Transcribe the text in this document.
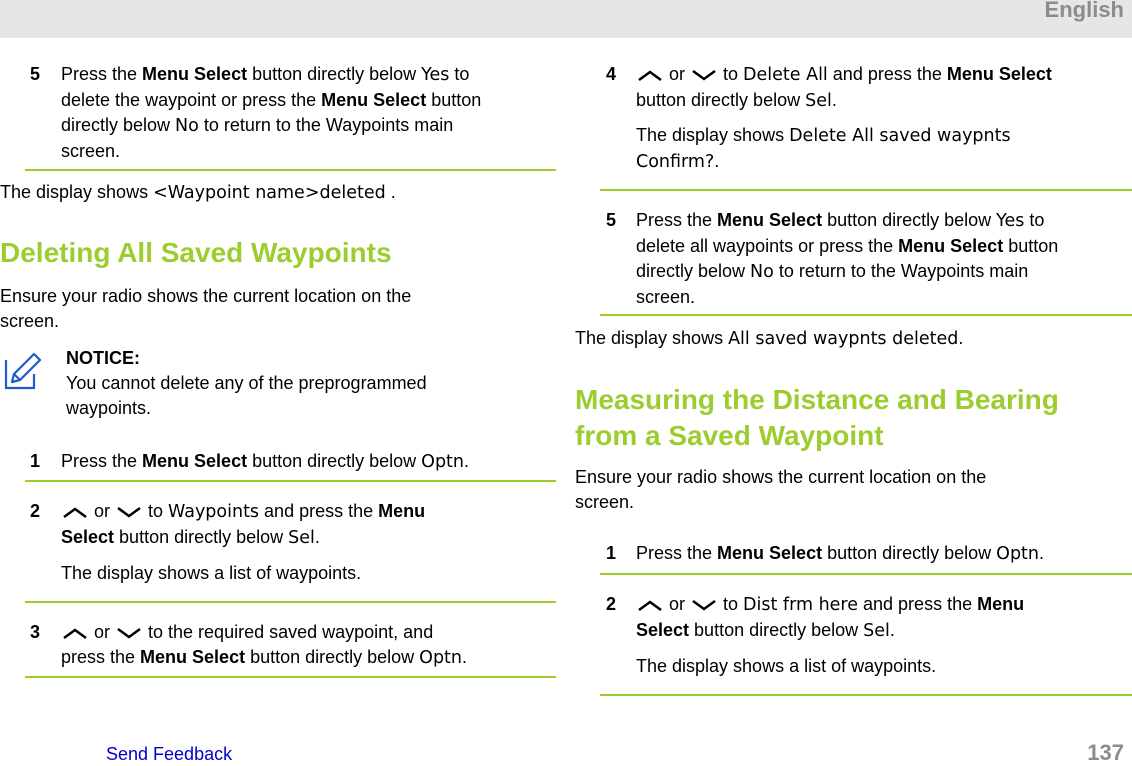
English
5 Press the Menu Select button directly below Yes to
delete the waypoint or press the Menu Select button
directly below No to return to the Waypoints main
screen.
The display shows <Waypoint name>deleted .
Deleting All Saved Waypoints
Ensure your radio shows the current location on the
screen.
NOTICE:
You cannot delete any of the preprogrammed
waypoints.
1 Press the Menu Select button directly below Optn.
2	or  to Waypoints and press the Menu
Select button directly below Sel.
The display shows a list of waypoints.
3	or  to the required saved waypoint, and
press the Menu Select button directly below Optn.
4	or  to Delete All and press the Menu Select
button directly below Sel.
The display shows Delete All saved waypnts
Confirm?.
5 Press the Menu Select button directly below Yes to
delete all waypoints or press the Menu Select button
directly below No to return to the Waypoints main
screen.
The display shows All saved waypnts deleted.
Measuring the Distance and Bearing
from a Saved Waypoint
Ensure your radio shows the current location on the
screen.
1 Press the Menu Select button directly below Optn.
2	or  to Dist frm here and press the Menu
Select button directly below Sel.
The display shows a list of waypoints.
Send Feedback	137
